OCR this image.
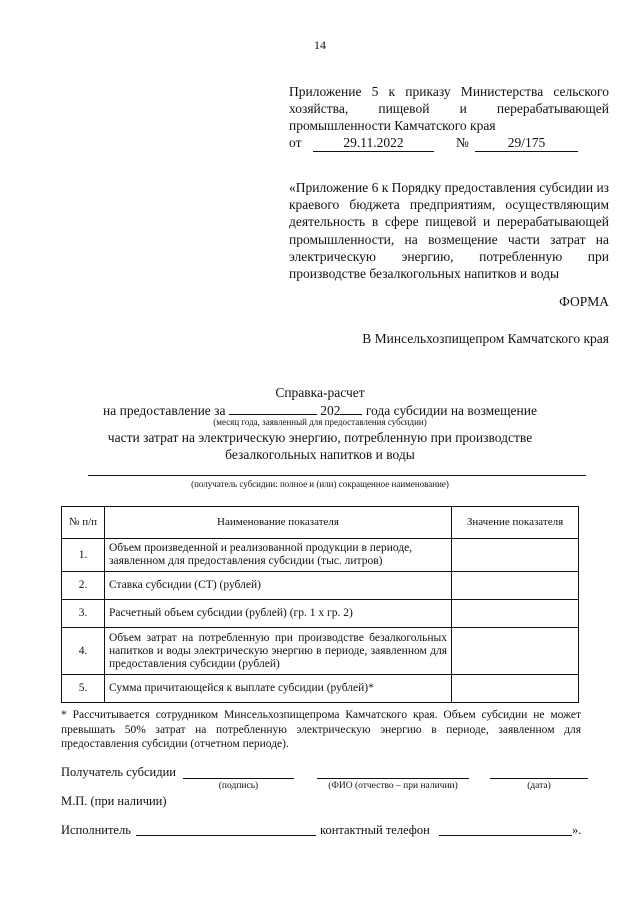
14
Приложение 5 к приказу Министерства сельского хозяйства, пищевой и перерабатывающей промышленности Камчатского края
от	29.11.2022	№	29/175
«Приложение 6 к Порядку предоставления субсидии из краевого бюджета предприятиям, осуществляющим деятельность в сфере пищевой и перерабатывающей промышленности, на возмещение части затрат на электрическую энергию, потребленную при производстве безалкогольных напитков и воды
ФОРМА
В Минсельхозпищепром Камчатского края
Справка-расчет
на предоставление за	202 года субсидии на возмещение
(месяц года, заявленный для предоставления субсидии)
части затрат на электрическую энергию, потребленную при производстве
безалкогольных напитков и воды
(получатель субсидии: полное и (или) сокращенное наименование)
№ п/п	Наименование показателя	Значение показателя
1.	Объем произведенной и реализованной продукции в периоде, заявленном для предоставления субсидии (тыс. литров)	
2.	Ставка субсидии (СТ) (рублей)	
3.	Расчетный объем субсидии (рублей) (гр. 1 x гр. 2)	
4.	Объем затрат на потребленную при производстве безалкогольных напитков и воды электрическую энергию в периоде, заявленном для предоставления субсидии (рублей)	
5.	Сумма причитающейся к выплате субсидии (рублей)*	
* Рассчитывается сотрудником Минсельхозпищепрома Камчатского края. Объем субсидии не может превышать 50% затрат на потребленную электрическую энергию в периоде, заявленном для предоставления субсидии (отчетном периоде).
Получатель субсидии
(подпись)	(ФИО (отчество – при наличии)	(дата)
М.П. (при наличии)
Исполнитель	контактный телефон	».
